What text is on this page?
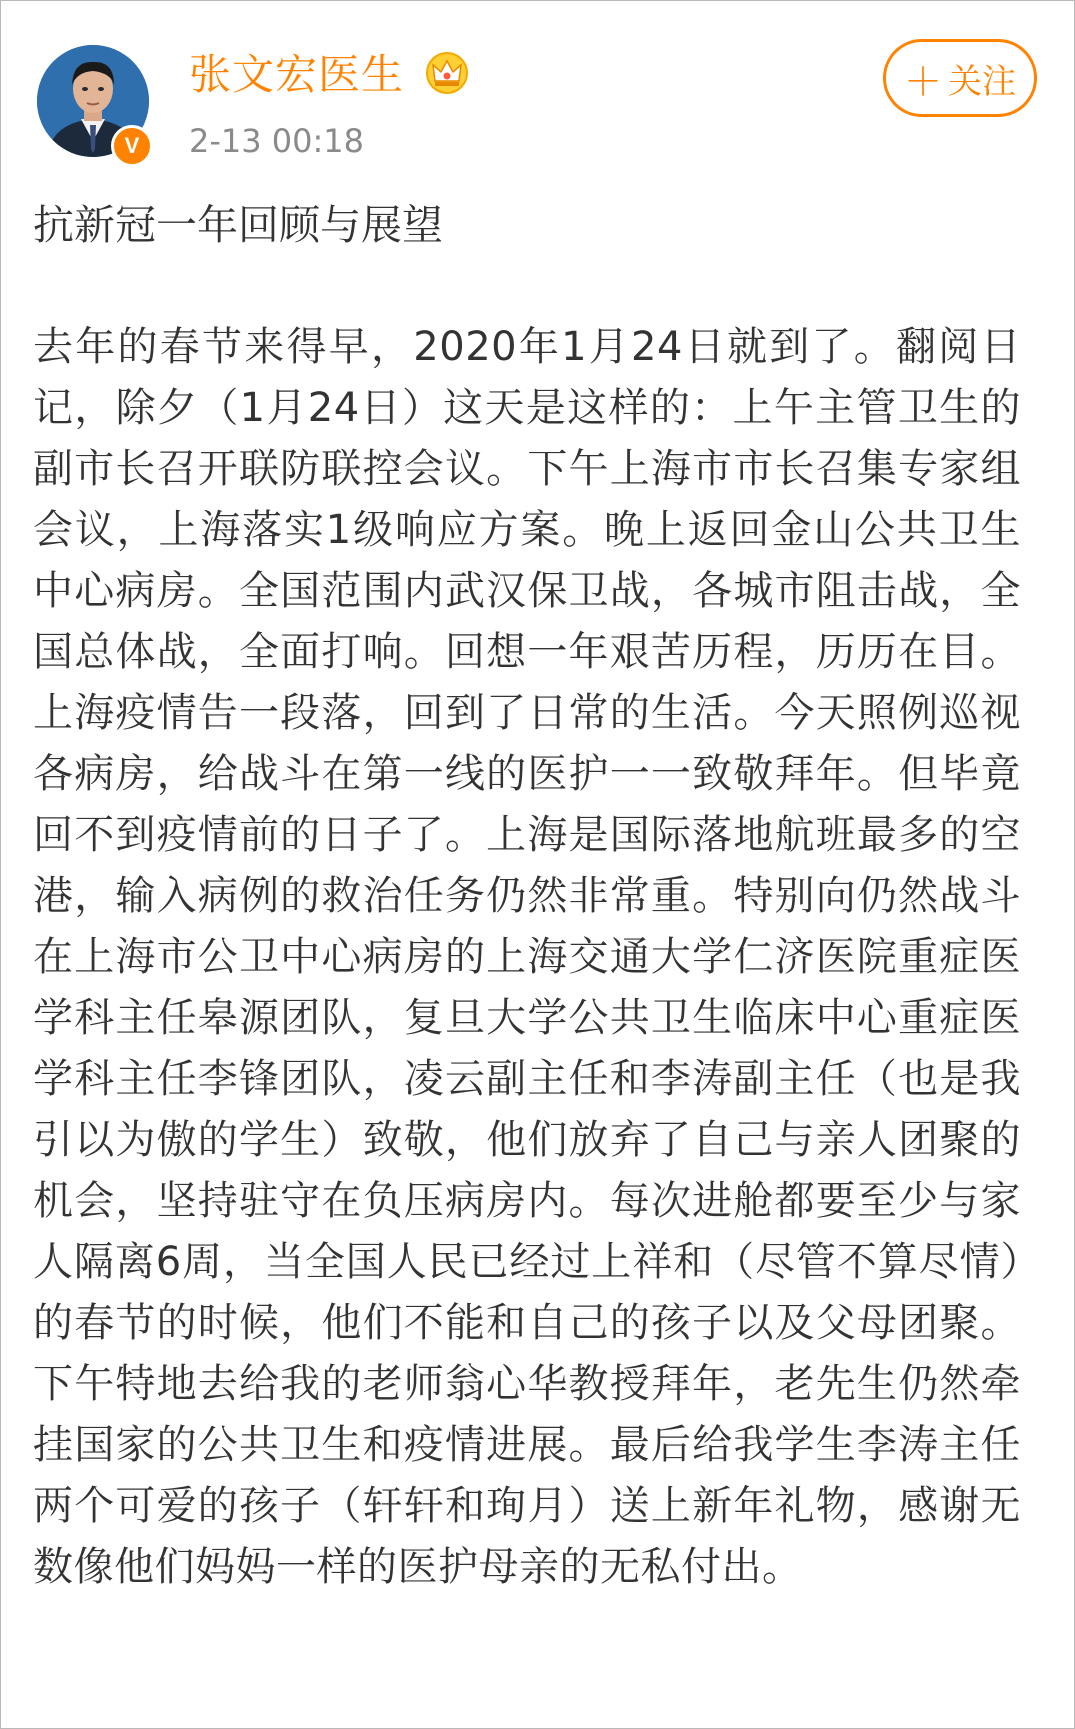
V
张文宏医生
2-13 00:18
＋ 关注
抗新冠一年回顾与展望
去年的春节来得早，2020年1月24日就到了。翻阅日记，除夕（1月24日）这天是这样的：上午主管卫生的副市长召开联防联控会议。下午上海市市长召集专家组会议，上海落实1级响应方案。晚上返回金山公共卫生中心病房。全国范围内武汉保卫战，各城市阻击战，全国总体战，全面打响。回想一年艰苦历程，历历在目。上海疫情告一段落，回到了日常的生活。今天照例巡视各病房，给战斗在第一线的医护一一致敬拜年。但毕竟回不到疫情前的日子了。上海是国际落地航班最多的空港，输入病例的救治任务仍然非常重。特别向仍然战斗在上海市公卫中心病房的上海交通大学仁济医院重症医学科主任皋源团队，复旦大学公共卫生临床中心重症医学科主任李锋团队，凌云副主任和李涛副主任（也是我引以为傲的学生）致敬，他们放弃了自己与亲人团聚的机会，坚持驻守在负压病房内。每次进舱都要至少与家人隔离6周，当全国人民已经过上祥和（尽管不算尽情）的春节的时候，他们不能和自己的孩子以及父母团聚。下午特地去给我的老师翁心华教授拜年，老先生仍然牵挂国家的公共卫生和疫情进展。最后给我学生李涛主任两个可爱的孩子（轩轩和珣月）送上新年礼物，感谢无数像他们妈妈一样的医护母亲的无私付出。
